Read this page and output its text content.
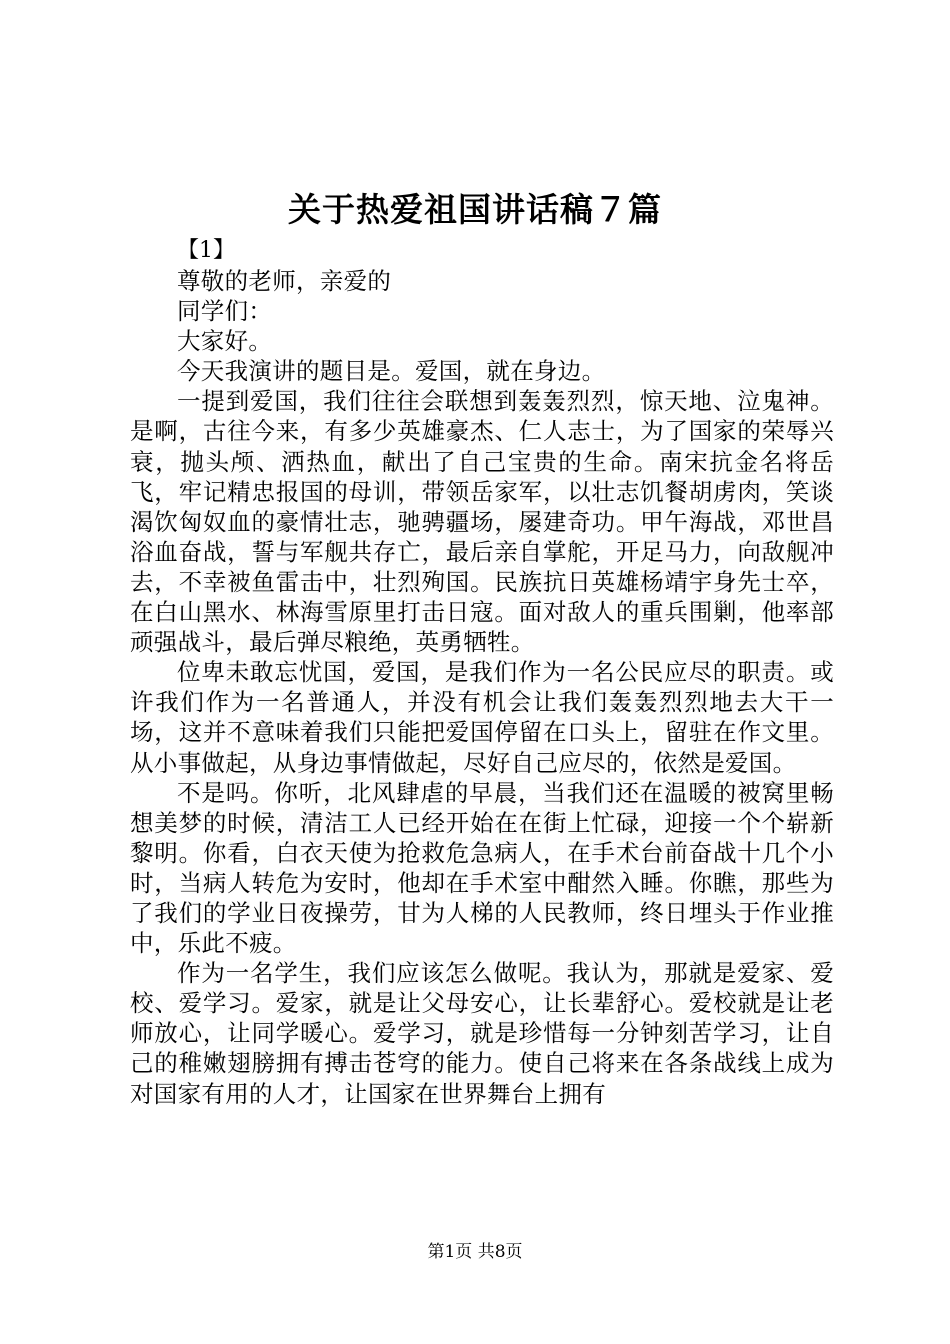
关于热爱祖国讲话稿７篇

【1】

尊敬的老师，亲爱的

同学们：

大家好。

今天我演讲的题目是。爱国，就在身边。

一提到爱国，我们往往会联想到轰轰烈烈，惊天地、泣鬼神。是啊，古往今来，有多少英雄豪杰、仁人志士，为了国家的荣辱兴衰，抛头颅、洒热血，献出了自己宝贵的生命。南宋抗金名将岳飞，牢记精忠报国的母训，带领岳家军，以壮志饥餐胡虏肉，笑谈渴饮匈奴血的豪情壮志，驰骋疆场，屡建奇功。甲午海战，邓世昌浴血奋战，誓与军舰共存亡，最后亲自掌舵，开足马力，向敌舰冲去，不幸被鱼雷击中，壮烈殉国。民族抗日英雄杨靖宇身先士卒，在白山黑水、林海雪原里打击日寇。面对敌人的重兵围剿，他率部顽强战斗，最后弹尽粮绝，英勇牺牲。

位卑未敢忘忧国，爱国，是我们作为一名公民应尽的职责。或许我们作为一名普通人，并没有机会让我们轰轰烈烈地去大干一场，这并不意味着我们只能把爱国停留在口头上，留驻在作文里。从小事做起，从身边事情做起，尽好自己应尽的，依然是爱国。

不是吗。你听，北风肆虐的早晨，当我们还在温暖的被窝里畅想美梦的时候，清洁工人已经开始在在街上忙碌，迎接一个个崭新黎明。你看，白衣天使为抢救危急病人，在手术台前奋战十几个小时，当病人转危为安时，他却在手术室中酣然入睡。你瞧，那些为了我们的学业日夜操劳，甘为人梯的人民教师，终日埋头于作业推中，乐此不疲。

作为一名学生，我们应该怎么做呢。我认为，那就是爱家、爱校、爱学习。爱家，就是让父母安心，让长辈舒心。爱校就是让老师放心，让同学暖心。爱学习，就是珍惜每一分钟刻苦学习，让自己的稚嫩翅膀拥有搏击苍穹的能力。使自己将来在各条战线上成为对国家有用的人才，让国家在世界舞台上拥有

第1页 共8页
